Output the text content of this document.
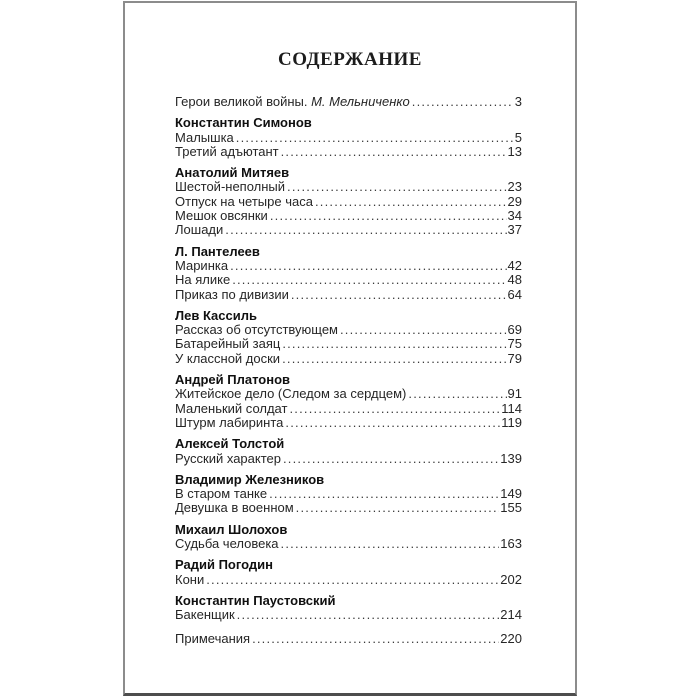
СОДЕРЖАНИЕ
Герои великой войны. М. Мельниченко .....	3
Константин Симонов
Малышка .....	5
Третий адъютант .....	13
Анатолий Митяев
Шестой-неполный .....	23
Отпуск на четыре часа .....	29
Мешок овсянки .....	34
Лошади .....	37
Л. Пантелеев
Маринка .....	42
На ялике .....	48
Приказ по дивизии .....	64
Лев Кассиль
Рассказ об отсутствующем .....	69
Батарейный заяц .....	75
У классной доски .....	79
Андрей Платонов
Житейское дело (Следом за сердцем) .....	91
Маленький солдат .....	114
Штурм лабиринта .....	119
Алексей Толстой
Русский характер .....	139
Владимир Железников
В старом танке .....	149
Девушка в военном .....	155
Михаил Шолохов
Судьба человека .....	163
Радий Погодин
Кони .....	202
Константин Паустовский
Бакенщик .....	214
Примечания .....	220
